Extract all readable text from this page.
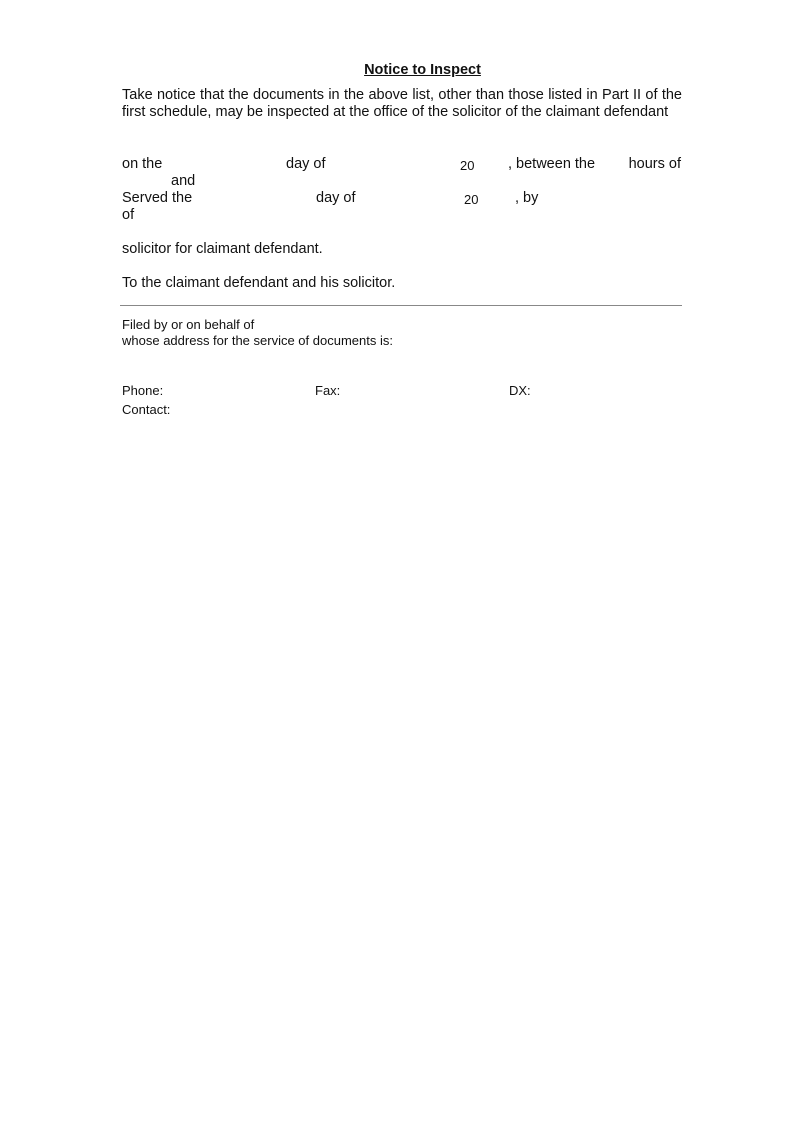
Notice to Inspect
Take notice that the documents in the above list, other than those listed in Part II of the first schedule, may be inspected at the office of the solicitor of the claimant defendant
on the	day of	20 , between the	hours of
and
Served the	day of	20	, by
of
solicitor for claimant defendant.
To the claimant defendant and his solicitor.
Filed by or on behalf of
whose address for the service of documents is:
Phone:	Fax:	DX:
Contact:
